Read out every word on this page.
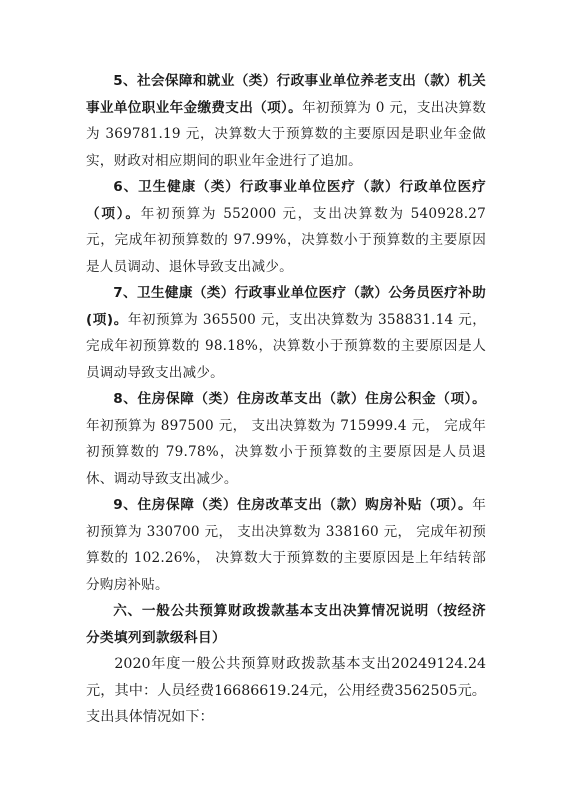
5、社会保障和就业（类）行政事业单位养老支出（款）机关事业单位职业年金缴费支出（项）。年初预算为 0 元，支出决算数为 369781.19 元，决算数大于预算数的主要原因是职业年金做实，财政对相应期间的职业年金进行了追加。

6、卫生健康（类）行政事业单位医疗（款）行政单位医疗（项）。年初预算为 552000 元，支出决算数为 540928.27 元，完成年初预算数的 97.99%，决算数小于预算数的主要原因是人员调动、退休导致支出减少。

7、卫生健康（类）行政事业单位医疗（款）公务员医疗补助(项)。年初预算为 365500 元，支出决算数为 358831.14 元，完成年初预算数的 98.18%，决算数小于预算数的主要原因是人员调动导致支出减少。

8、住房保障（类）住房改革支出（款）住房公积金（项）。年初预算为 897500 元， 支出决算数为 715999.4 元， 完成年初预算数的 79.78%，决算数小于预算数的主要原因是人员退休、调动导致支出减少。

9、住房保障（类）住房改革支出（款）购房补贴（项）。年初预算为 330700 元， 支出决算数为 338160 元， 完成年初预算数的 102.26%， 决算数大于预算数的主要原因是上年结转部分购房补贴。

六、一般公共预算财政拨款基本支出决算情况说明（按经济分类填列到款级科目）

2020年度一般公共预算财政拨款基本支出20249124.24元，其中：人员经费16686619.24元，公用经费3562505元。支出具体情况如下：
